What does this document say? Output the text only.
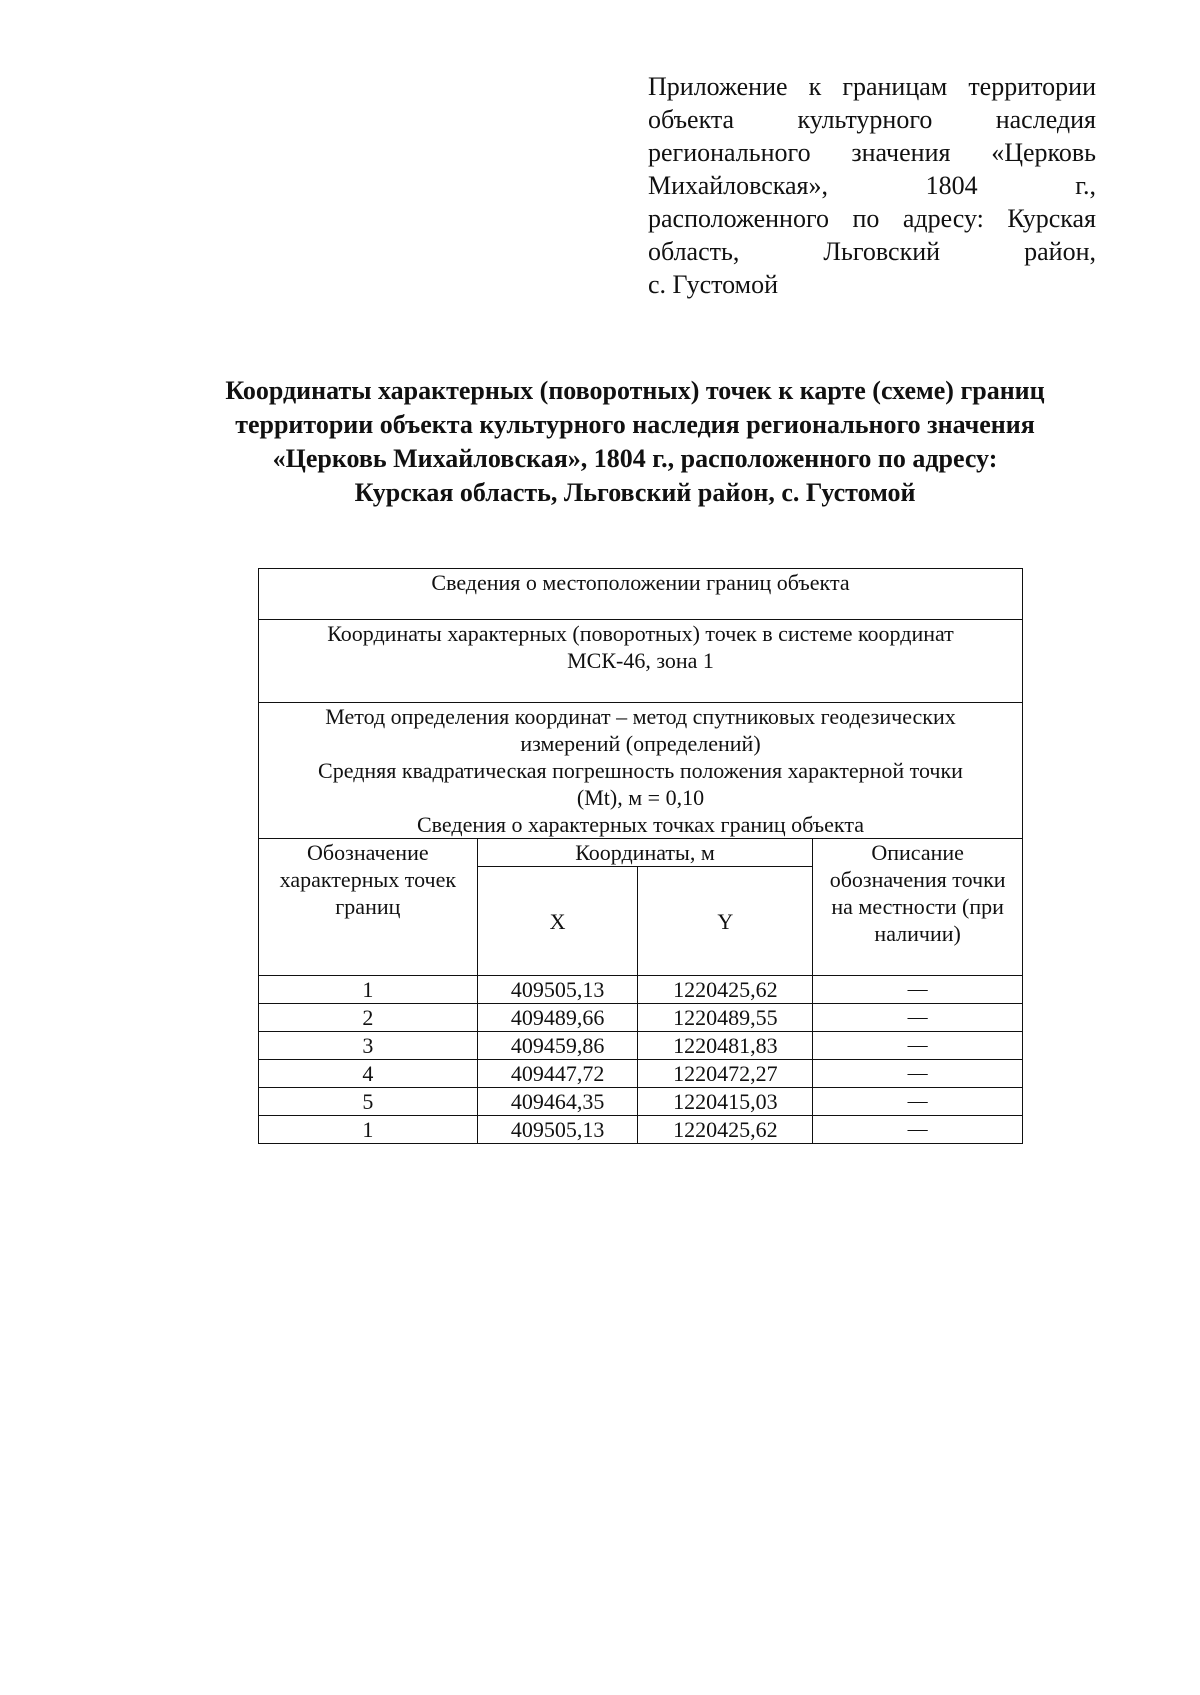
Приложение к границам территории
объекта культурного наследия
регионального значения «Церковь
Михайловская», 1804 г.,
расположенного по адресу: Курская
область, Льговский район,
с. Густомой
Координаты характерных (поворотных) точек к карте (схеме) границ
территории объекта культурного наследия регионального значения
«Церковь Михайловская», 1804 г., расположенного по адресу:
Курская область, Льговский район, с. Густомой
Сведения о местоположении границ объекта			

Координаты характерных (поворотных) точек в системе координат
МСК-46, зона 1			

Метод определения координат – метод спутниковых геодезических
измерений (определений)
Средняя квадратическая погрешность положения характерной точки
(Mt), м = 0,10
Сведения о характерных точках границ объекта			

Обозначение характерных точек границ	Координаты, м		Описание обозначения точки на местности (при наличии)
	X	Y	
1	409505,13	1220425,62	—
2	409489,66	1220489,55	—
3	409459,86	1220481,83	—
4	409447,72	1220472,27	—
5	409464,35	1220415,03	—
1	409505,13	1220425,62	—
